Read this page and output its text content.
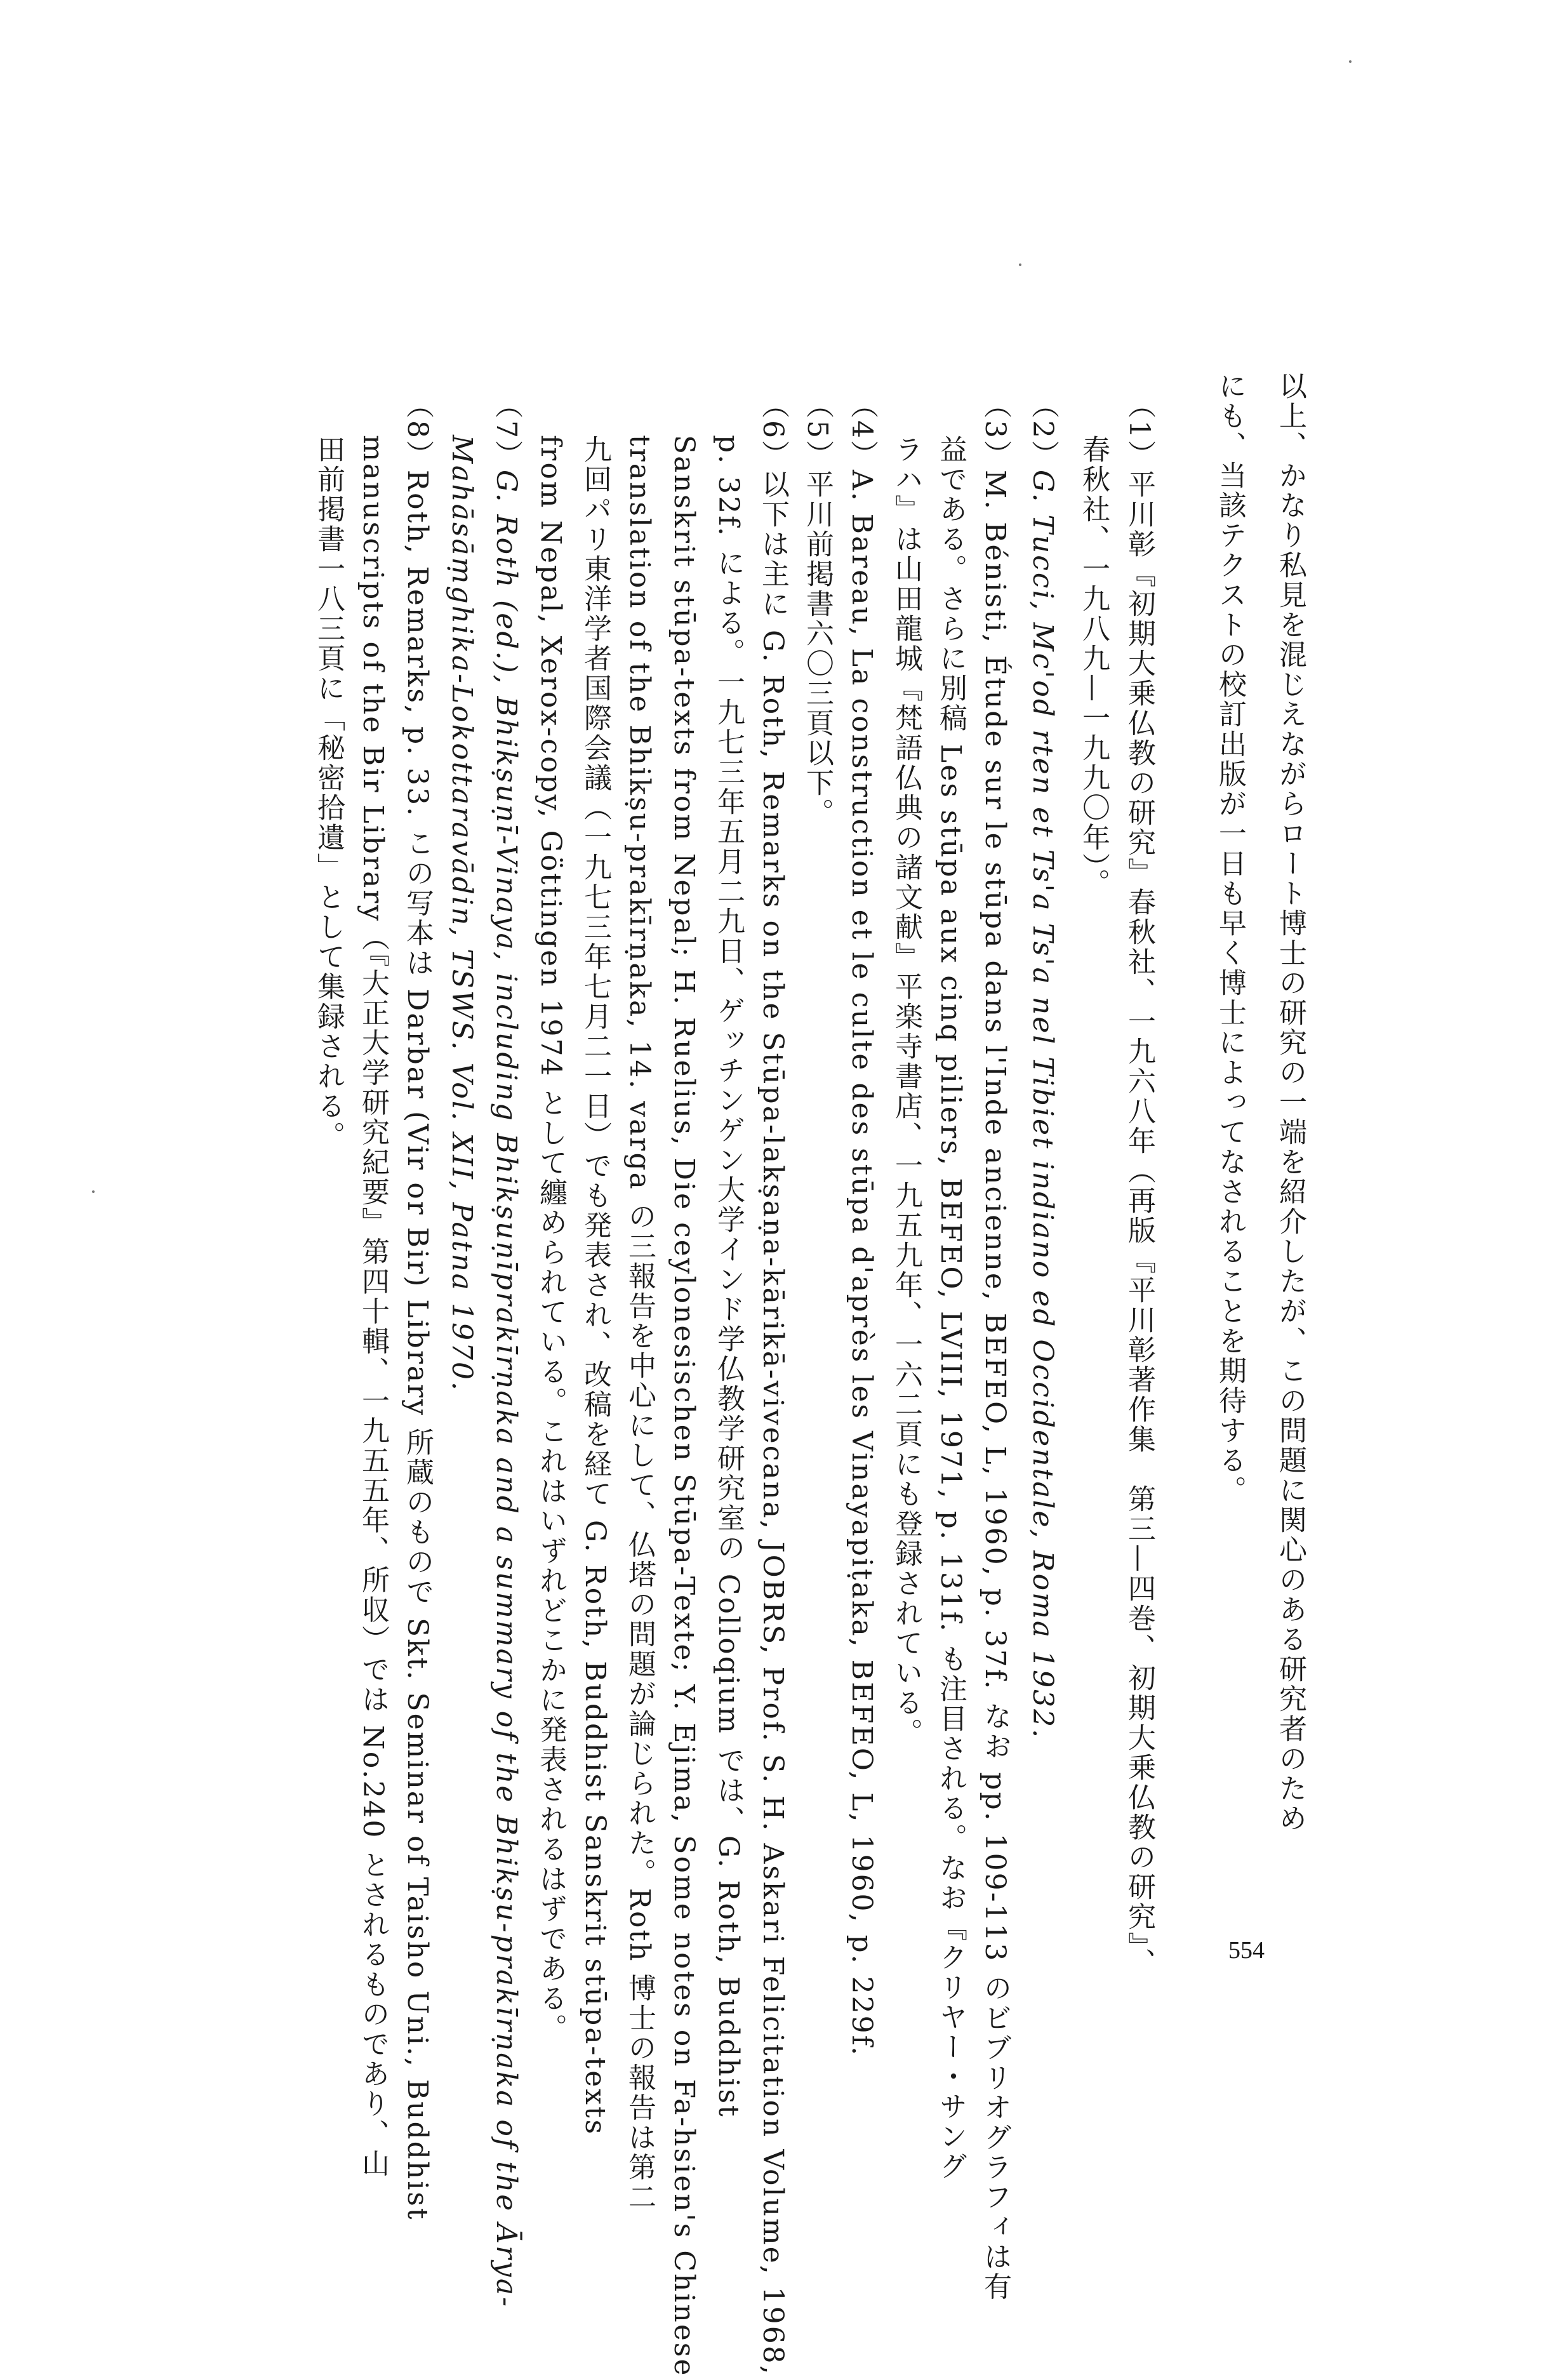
以上、かなり私見を混じえながらロート博士の研究の一端を紹介したが、この問題に関心のある研究者のため
にも、当該テクストの校訂出版が一日も早く博士によってなされることを期待する。
（1）平川彰『初期大乗仏教の研究』春秋社、一九六八年（再版『平川彰著作集　第三—四巻、初期大乗仏教の研究』、
春秋社、一九八九—一九九〇年）。
（2）G. Tucci, Mc'od rten et Ts'a Ts'a nel Tibiet indiano ed Occidentale, Roma 1932.
（3）M. Bénisti, Étude sur le stūpa dans l'Inde ancienne, BEFEO, L, 1960, p. 37f. なお pp. 109-113 のビブリオグラフィは有
益である。さらに別稿 Les stūpa aux cinq piliers, BEFEO, LVIII, 1971, p. 131f. も注目される。なお『クリヤー・サング
ラハ』は山田龍城『梵語仏典の諸文献』平楽寺書店、一九五九年、一六二頁にも登録されている。
（4）A. Bareau, La construction et le culte des stūpa d'après les Vinayapiṭaka, BEFEO, L, 1960, p. 229f.
（5）平川前掲書六〇三頁以下。
（6）以下は主に G. Roth, Remarks on the Stūpa-lakṣaṇa-kārikā-vivecana, JOBRS, Prof. S. H. Askari Felicitation Volume, 1968,
p. 32f. による。一九七三年五月二九日、ゲッチンゲン大学インド学仏教学研究室の Colloqium では、G. Roth, Buddhist
Sanskrit stūpa-texts from Nepal; H. Ruelius, Die ceylonesischen Stūpa-Texte; Y. Ejima, Some notes on Fa-hsien's Chinese
translation of the Bhikṣu-prakīrṇaka, 14. varga の三報告を中心にして、仏塔の問題が論じられた。Roth 博士の報告は第二
九回パリ東洋学者国際会議（一九七三年七月二一日）でも発表され、改稿を経て G. Roth, Buddhist Sanskrit stūpa-texts
from Nepal, Xerox-copy, Göttingen 1974 として纏められている。これはいずれどこかに発表されるはずである。
（7）G. Roth (ed.), Bhikṣuṇī-Vinaya, including Bhikṣuṇīprakīrṇaka and a summary of the Bhikṣu-prakīrṇaka of the Ārya-
Mahāsāṃghika-Lokottaravādin, TSWS. Vol. XII, Patna 1970.
（8）Roth, Remarks, p. 33. この写本は Darbar (Vir or Bir) Library 所蔵のもので Skt. Seminar of Taisho Uni., Buddhist
manuscripts of the Bir Library（『大正大学研究紀要』第四十輯、一九五五年、所収）では No.240 とされるものであり、山
田前掲書一八三頁に「秘密拾遺」として集録される。
554
